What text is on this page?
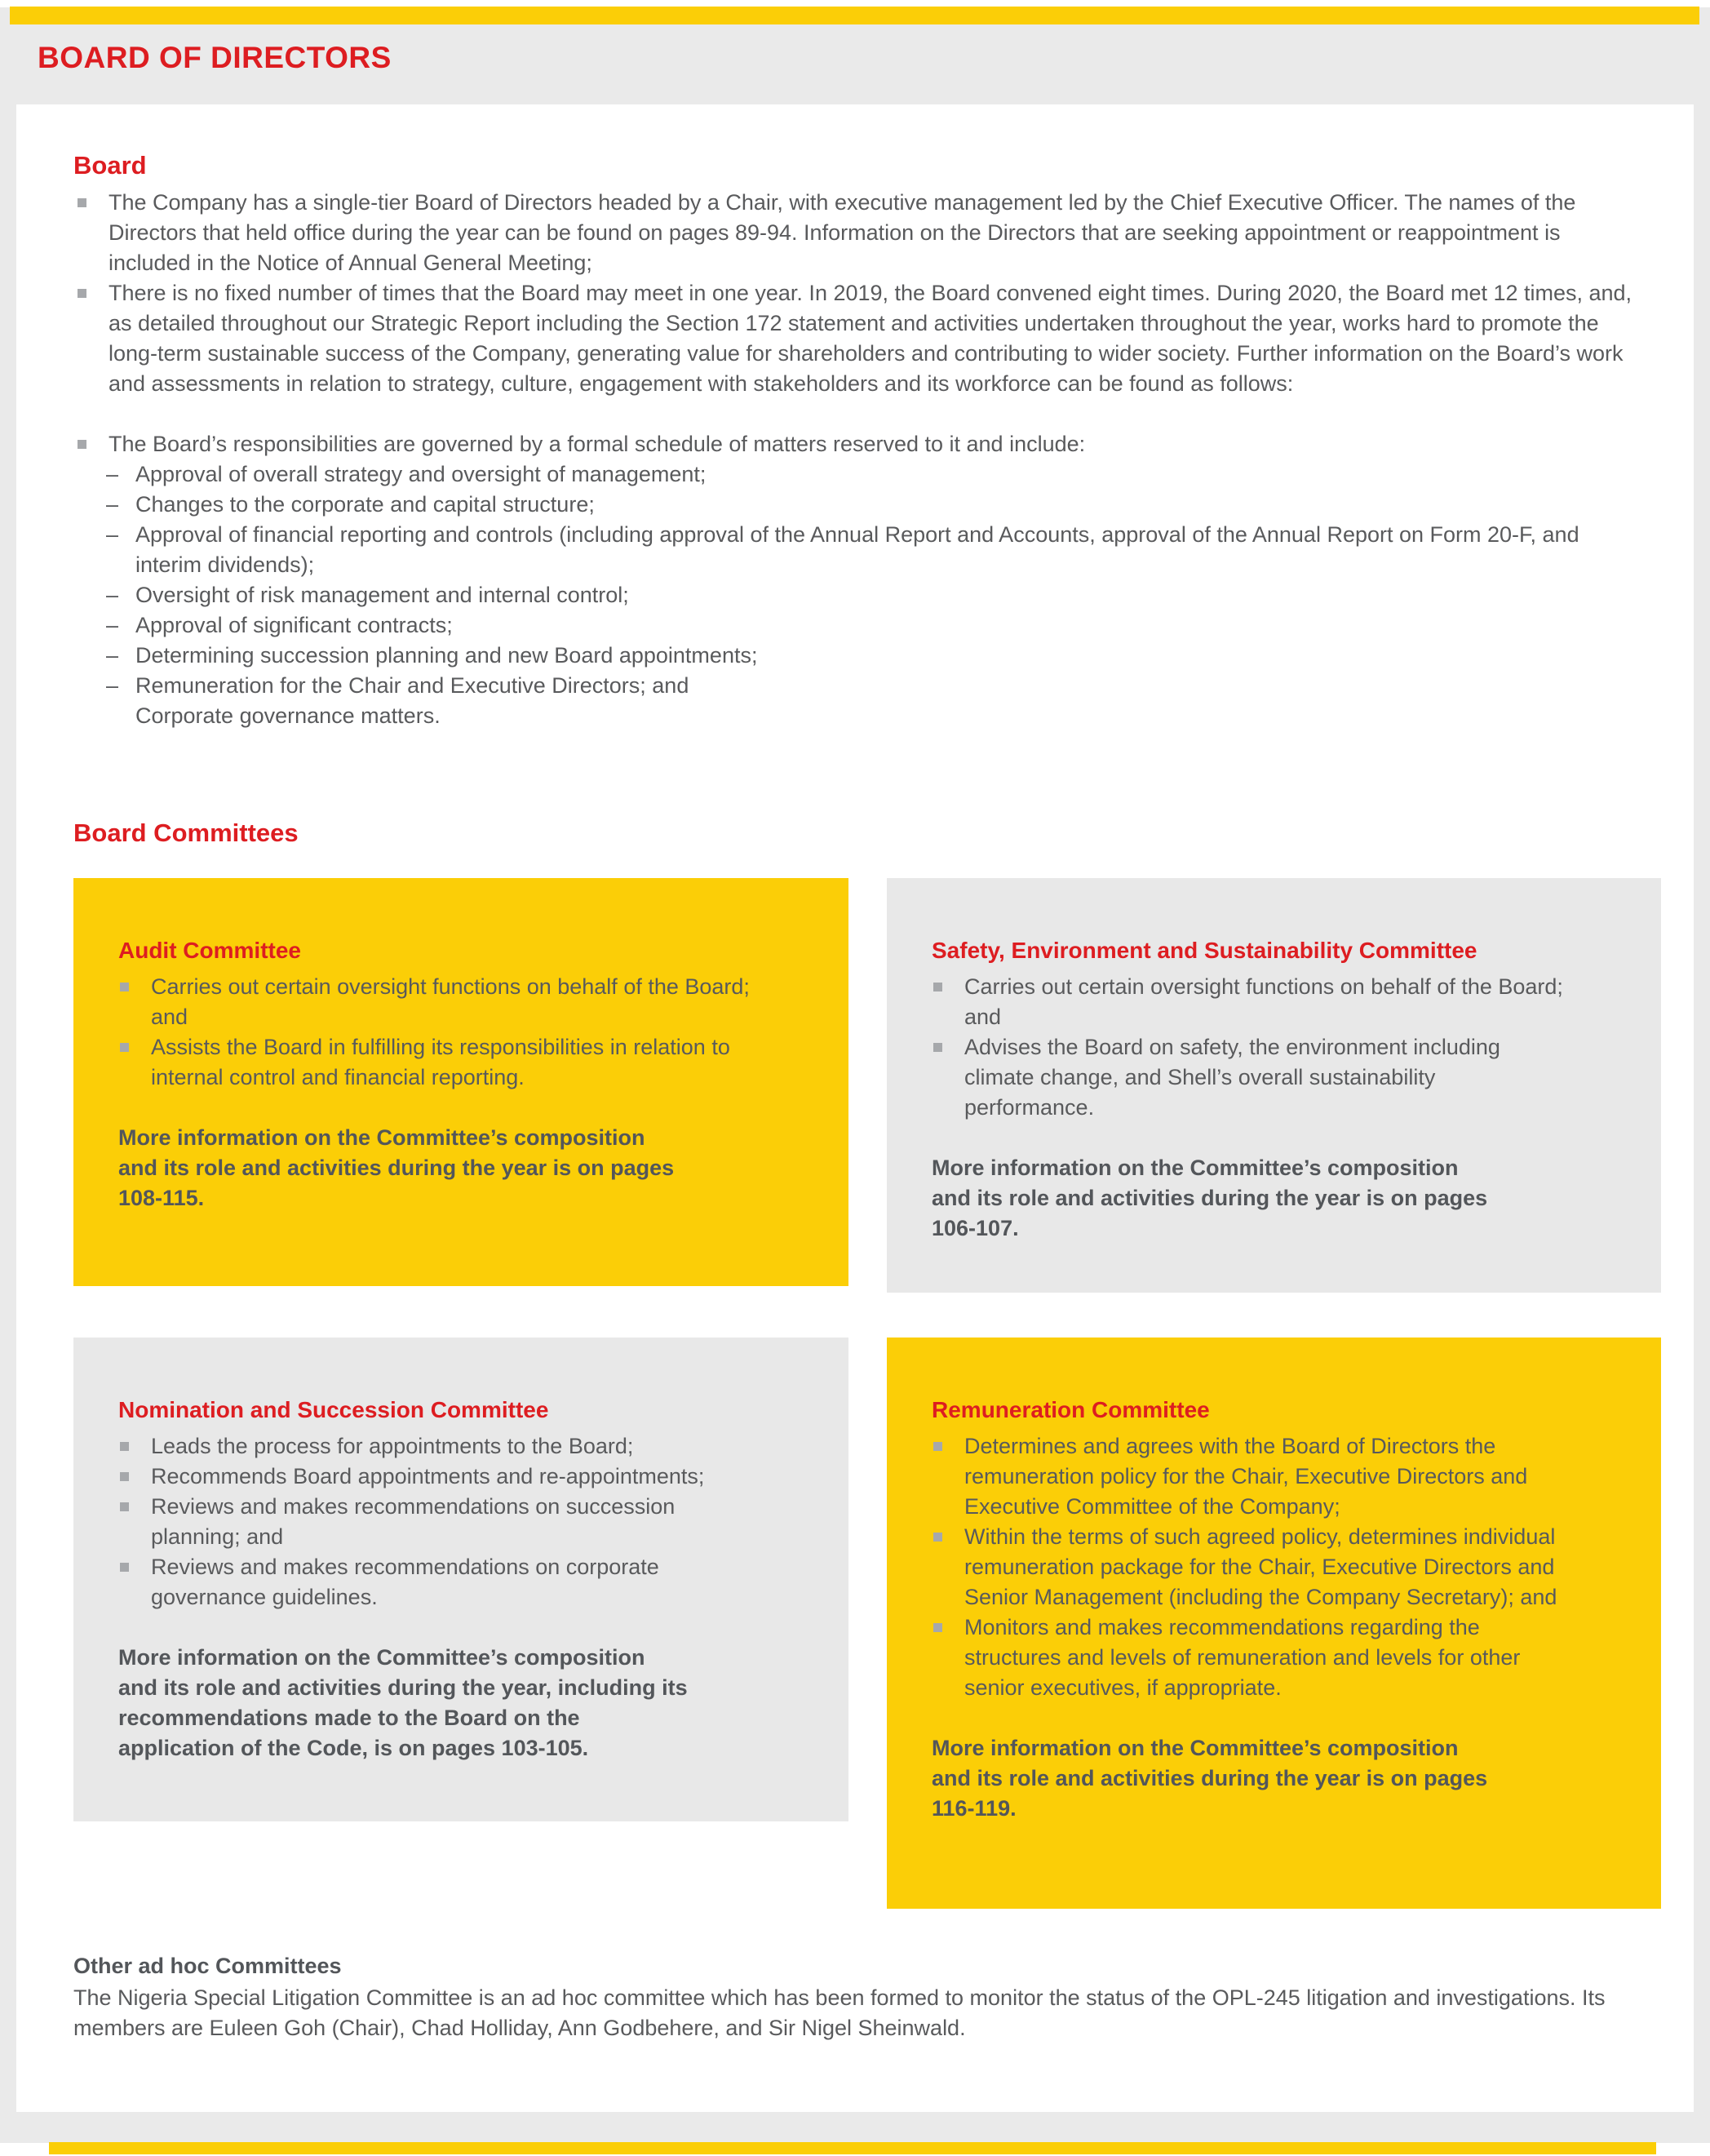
BOARD OF DIRECTORS
Board
The Company has a single-tier Board of Directors headed by a Chair, with executive management led by the Chief Executive Officer. The names of the Directors that held office during the year can be found on pages 89-94. Information on the Directors that are seeking appointment or reappointment is included in the Notice of Annual General Meeting;
There is no fixed number of times that the Board may meet in one year. In 2019, the Board convened eight times. During 2020, the Board met 12 times, and, as detailed throughout our Strategic Report including the Section 172 statement and activities undertaken throughout the year, works hard to promote the long-term sustainable success of the Company, generating value for shareholders and contributing to wider society. Further information on the Board’s work and assessments in relation to strategy, culture, engagement with stakeholders and its workforce can be found as follows:
The Board’s responsibilities are governed by a formal schedule of matters reserved to it and include:
–
Approval of overall strategy and oversight of management;
–
Changes to the corporate and capital structure;
–
Approval of financial reporting and controls (including approval of the Annual Report and Accounts, approval of the Annual Report on Form 20-F, and interim dividends);
–
Oversight of risk management and internal control;
–
Approval of significant contracts;
–
Determining succession planning and new Board appointments;
–
Remuneration for the Chair and Executive Directors; and
Corporate governance matters.
Board Committees
Audit Committee
Carries out certain oversight functions on behalf of the Board; and
Assists the Board in fulfilling its responsibilities in relation to internal control and financial reporting.

More information on the Committee’s composition and its role and activities during the year is on pages 108-115.

Safety, Environment and Sustainability Committee
Carries out certain oversight functions on behalf of the Board; and
Advises the Board on safety, the environment including climate change, and Shell’s overall sustainability performance.

More information on the Committee’s composition and its role and activities during the year is on pages 106-107.

Nomination and Succession Committee
Leads the process for appointments to the Board;
Recommends Board appointments and re-appointments;
Reviews and makes recommendations on succession planning; and
Reviews and makes recommendations on corporate governance guidelines.

More information on the Committee’s composition and its role and activities during the year, including its recommendations made to the Board on the application of the Code, is on pages 103-105.

Remuneration Committee
Determines and agrees with the Board of Directors the remuneration policy for the Chair, Executive Directors and Executive Committee of the Company;
Within the terms of such agreed policy, determines individual remuneration package for the Chair, Executive Directors and Senior Management (including the Company Secretary); and
Monitors and makes recommendations regarding the structures and levels of remuneration and levels for other senior executives, if appropriate.

More information on the Committee’s composition and its role and activities during the year is on pages 116-119.

Other ad hoc Committees

The Nigeria Special Litigation Committee is an ad hoc committee which has been formed to monitor the status of the OPL-245 litigation and investigations. Its members are Euleen Goh (Chair), Chad Holliday, Ann Godbehere, and Sir Nigel Sheinwald.
